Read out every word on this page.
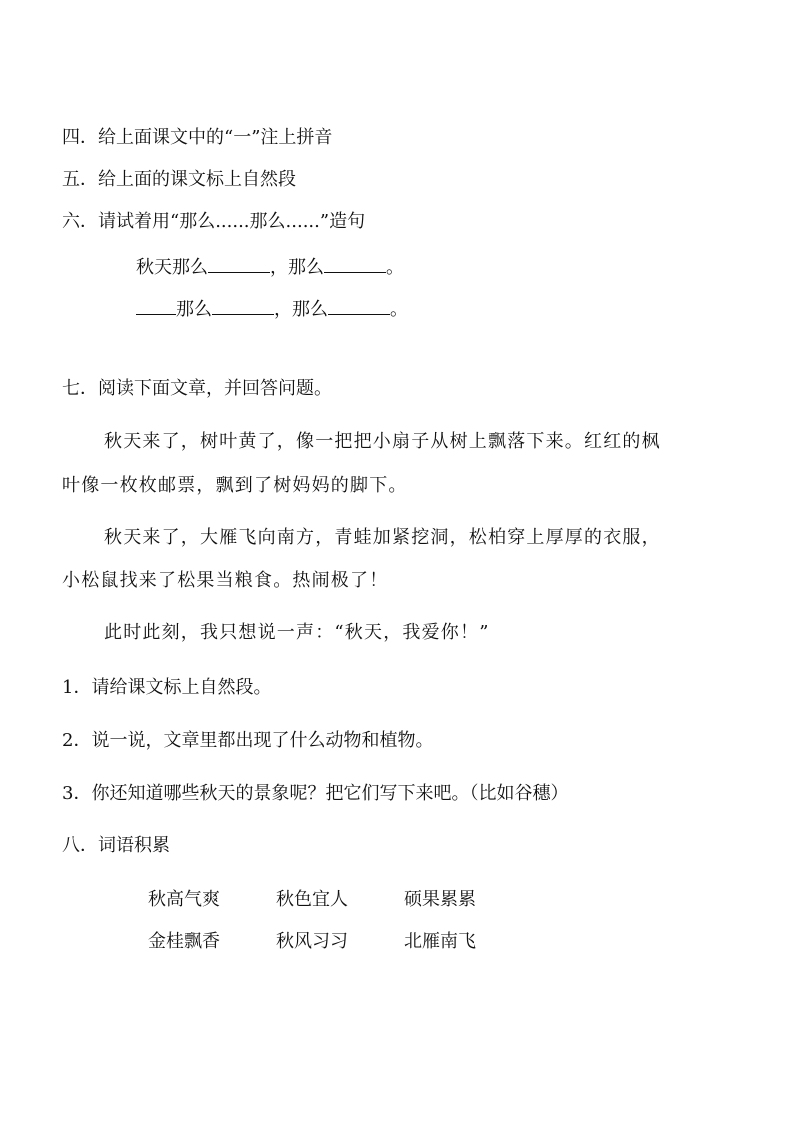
四．给上面课文中的“一”注上拼音
五．给上面的课文标上自然段
六．请试着用“那么......那么......”造句
秋天那么	，那么	。
那么	，那么	。
七．阅读下面文章，并回答问题。
秋天来了，树叶黄了，像一把把小扇子从树上飘落下来。红红的枫
叶像一枚枚邮票，飘到了树妈妈的脚下。
秋天来了，大雁飞向南方，青蛙加紧挖洞，松柏穿上厚厚的衣服，
小松鼠找来了松果当粮食。热闹极了！
此时此刻，我只想说一声：“秋天，我爱你！”
1．请给课文标上自然段。
2．说一说，文章里都出现了什么动物和植物。
3．你还知道哪些秋天的景象呢？把它们写下来吧。（比如谷穗）
八．词语积累
秋高气爽	秋色宜人	硕果累累
金桂飘香	秋风习习	北雁南飞
